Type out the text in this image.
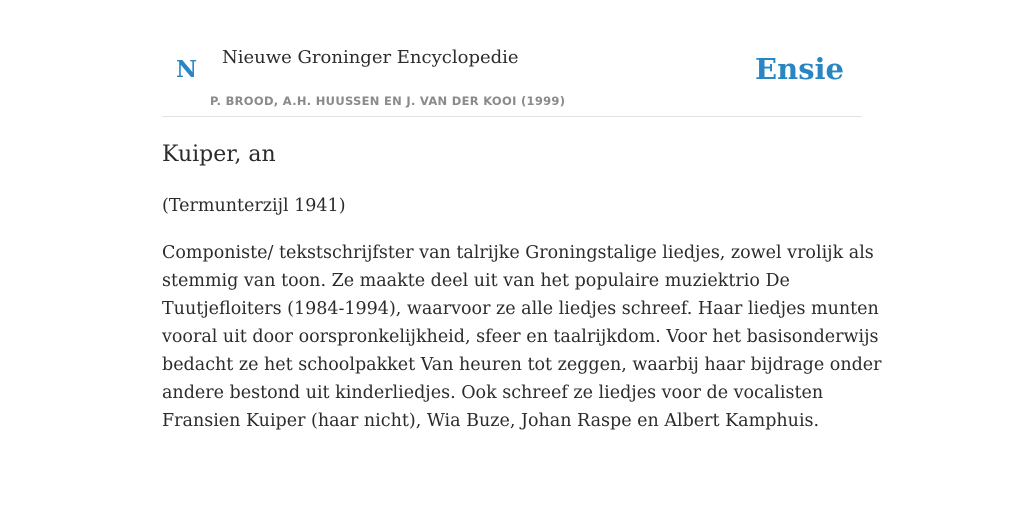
N Nieuwe Groninger Encyclopedie
P. BROOD, A.H. HUUSSEN EN J. VAN DER KOOI (1999)
Ensie
Kuiper, an

(Termunterzijl 1941)

Componiste/ tekstschrijfster van talrijke Groningstalige liedjes, zowel vrolijk als
stemmig van toon. Ze maakte deel uit van het populaire muziektrio De
Tuutjefloiters (1984-1994), waarvoor ze alle liedjes schreef. Haar liedjes munten
vooral uit door oorspronkelijkheid, sfeer en taalrijkdom. Voor het basisonderwijs
bedacht ze het schoolpakket Van heuren tot zeggen, waarbij haar bijdrage onder
andere bestond uit kinderliedjes. Ook schreef ze liedjes voor de vocalisten
Fransien Kuiper (haar nicht), Wia Buze, Johan Raspe en Albert Kamphuis.
